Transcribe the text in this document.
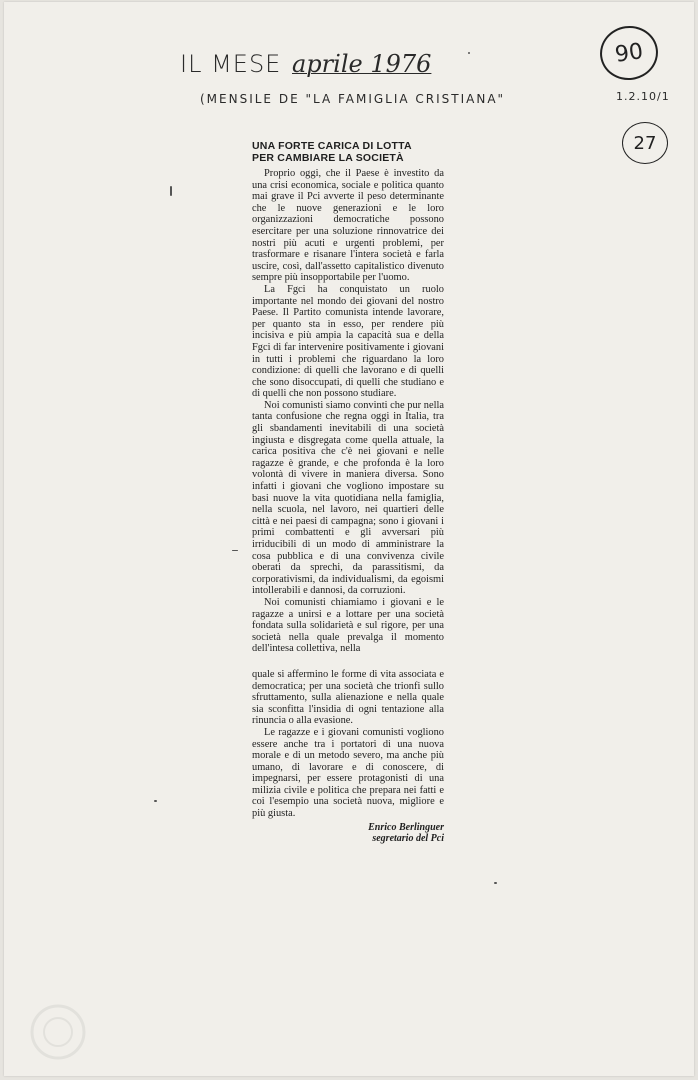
IL MESE aprile 1976
(MENSILE DE "LA FAMIGLIA CRISTIANA"	1.2.10/1
90
27
UNA FORTE CARICA DI LOTTA
PER CAMBIARE LA SOCIETÀ

Proprio oggi, che il Paese è investito da una crisi economica, sociale e politica quanto mai grave il Pci avverte il peso determinante che le nuove generazioni e le loro organizzazioni democratiche possono esercitare per una soluzione rinnovatrice dei nostri più acuti e urgenti problemi, per trasformare e risanare l'intera società e farla uscire, così, dall'assetto capitalistico divenuto sempre più insopportabile per l'uomo.

La Fgci ha conquistato un ruolo importante nel mondo dei giovani del nostro Paese. Il Partito comunista intende lavorare, per quanto sta in esso, per rendere più incisiva e più ampia la capacità sua e della Fgci di far intervenire positivamente i giovani in tutti i problemi che riguardano la loro condizione: di quelli che lavorano e di quelli che sono disoccupati, di quelli che studiano e di quelli che non possono studiare.

Noi comunisti siamo convinti che pur nella tanta confusione che regna oggi in Italia, tra gli sbandamenti inevitabili di una società ingiusta e disgregata come quella attuale, la carica positiva che c'è nei giovani e nelle ragazze è grande, e che profonda è la loro volontà di vivere in maniera diversa. Sono infatti i giovani che vogliono impostare su basi nuove la vita quotidiana nella famiglia, nella scuola, nel lavoro, nei quartieri delle città e nei paesi di campagna; sono i giovani i primi combattenti e gli avversari più irriducibili di un modo di amministrare la cosa pubblica e di una convivenza civile oberati da sprechi, da parassitismi, da corporativismi, da individualismi, da egoismi intollerabili e dannosi, da corruzioni.

Noi comunisti chiamiamo i giovani e le ragazze a unirsi e a lottare per una società fondata sulla solidarietà e sul rigore, per una società nella quale prevalga il momento dell'intesa collettiva, nella

quale si affermino le forme di vita associata e democratica; per una società che trionfi sullo sfruttamento, sulla alienazione e nella quale sia sconfitta l'insidia di ogni tentazione alla rinuncia o alla evasione.

Le ragazze e i giovani comunisti vogliono essere anche tra i portatori di una nuova morale e di un metodo severo, ma anche più umano, di lavorare e di conoscere, di impegnarsi, per essere protagonisti di una milizia civile e politica che prepara nei fatti e coi l'esempio una società nuova, migliore e più giusta.

Enrico Berlinguer
segretario del Pci
